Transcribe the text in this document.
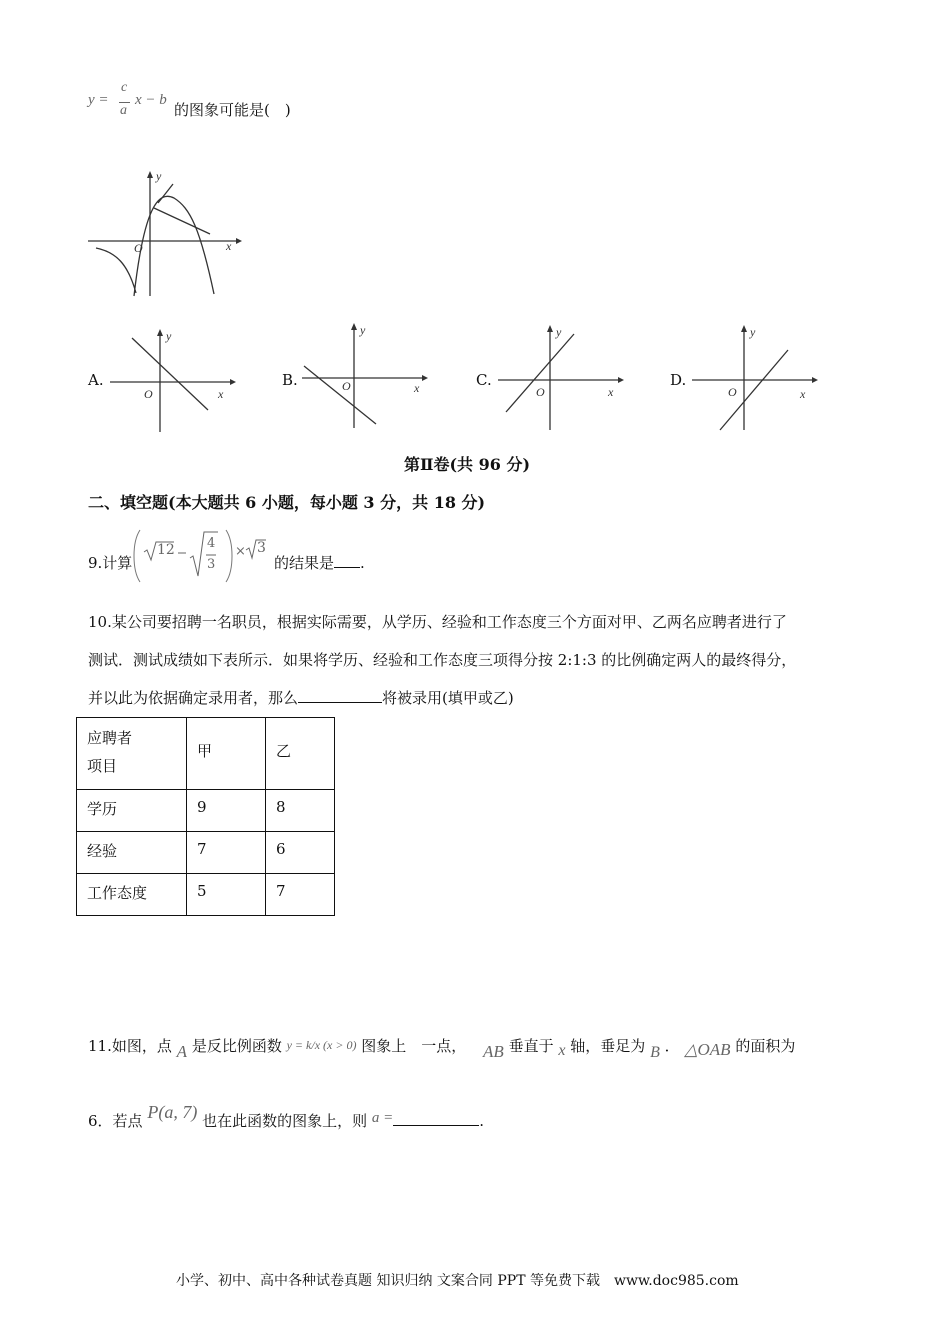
y =
c
a
x − b
的图象可能是(　)
y
x
O
A.
y
x
O
B.
y
x
O	C.
y
x
O
D.
y
x
O
第Ⅱ卷(共 96 分)
二、填空题(本大题共 6 小题，每小题 3 分，共 18 分)
9.计算
12 4
3
× 3
的结果是 .
10.某公司要招聘一名职员，根据实际需要，从学历、经验和工作态度三个方面对甲、乙两名应聘者进行了
测试．测试成绩如下表所示．如果将学历、经验和工作态度三项得分按 2:1:3 的比例确定两人的最终得分，
并以此为依据确定录用者，那么	将被录用(填甲或乙)
应聘者
项目	甲	乙
学历	9	8
经验	7	6
工作态度	5	7
11.如图，点 A 是反比例函数 y = k/x (x > 0) 图象上　一点， AB 垂直于 x 轴，垂足为 B ． △OAB 的面积为
6．若点 P(a, 7) 也在此函数的图象上，则 a =	.
小学、初中、高中各种试卷真题 知识归纳 文案合同 PPT 等免费下载　www.doc985.com
